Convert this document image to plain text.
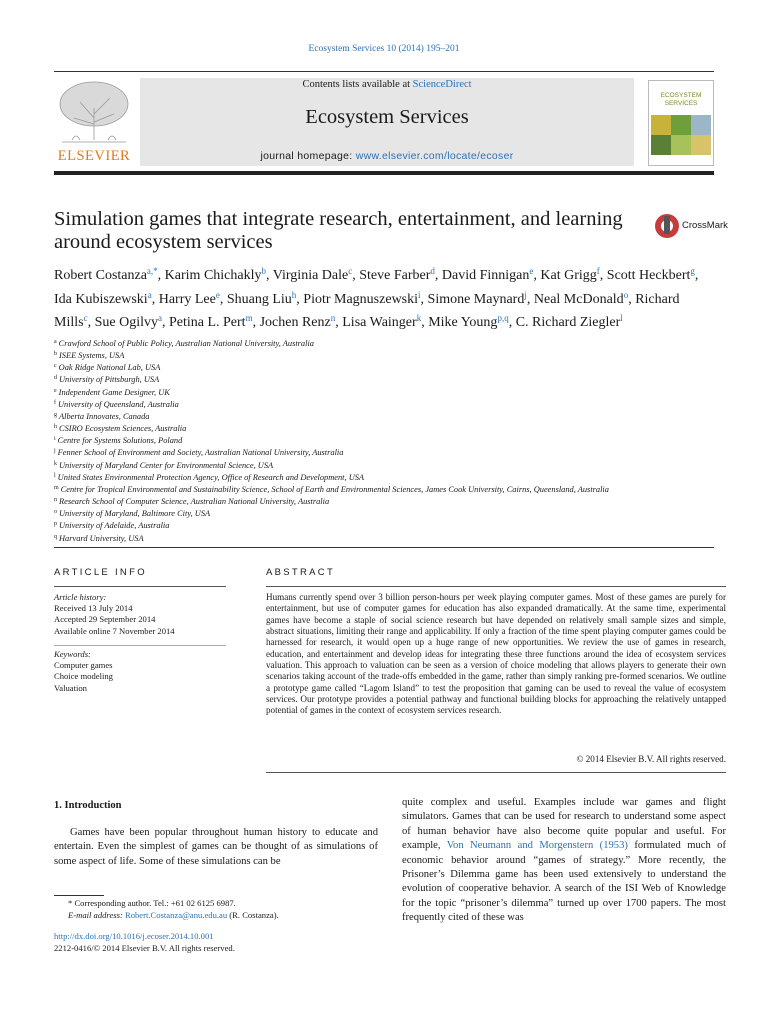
Ecosystem Services 10 (2014) 195–201
ELSEVIER
Contents lists available at ScienceDirect
Ecosystem Services
journal homepage: www.elsevier.com/locate/ecoser
ECOSYSTEM
SERVICES
Simulation games that integrate research, entertainment, and learning around ecosystem services
CrossMark
Robert Costanza$^{a,*}$, Karim Chichakly$^b$, Virginia Dale$^c$, Steve Farber$^d$, David Finnigan$^e$, Kat Grigg$^f$, Scott Heckbert$^g$, Ida Kubiszewski$^a$, Harry Lee$^e$, Shuang Liu$^h$, Piotr Magnuszewski$^i$, Simone Maynard$^j$, Neal McDonald$^o$, Richard Mills$^c$, Sue Ogilvy$^a$, Petina L. Pert$^m$, Jochen Renz$^n$, Lisa Wainger$^k$, Mike Young$^{p,q}$, C. Richard Ziegler$^l$
$^a$ Crawford School of Public Policy, Australian National University, Australia
$^b$ ISEE Systems, USA
$^c$ Oak Ridge National Lab, USA
$^d$ University of Pittsburgh, USA
$^e$ Independent Game Designer, UK
$^f$ University of Queensland, Australia
$^g$ Alberta Innovates, Canada
$^h$ CSIRO Ecosystem Sciences, Australia
$^i$ Centre for Systems Solutions, Poland
$^j$ Fenner School of Environment and Society, Australian National University, Australia
$^k$ University of Maryland Center for Environmental Science, USA
$^l$ United States Environmental Protection Agency, Office of Research and Development, USA
$^m$ Centre for Tropical Environmental and Sustainability Science, School of Earth and Environmental Sciences, James Cook University, Cairns, Queensland, Australia
$^n$ Research School of Computer Science, Australian National University, Australia
$^o$ University of Maryland, Baltimore City, USA
$^p$ University of Adelaide, Australia
$^q$ Harvard University, USA
ARTICLE INFO	ABSTRACT
Article history:
Received 13 July 2014
Accepted 29 September 2014
Available online 7 November 2014
Keywords:
Computer games
Choice modeling
Valuation

Humans currently spend over 3 billion person-hours per week playing computer games. Most of these games are purely for entertainment, but use of computer games for education has also expanded dramatically. At the same time, experimental games have become a staple of social science research but have depended on relatively small sample sizes and simple, abstract situations, limiting their range and applicability. If only a fraction of the time spent playing computer games could be harnessed for research, it would open up a huge range of new opportunities. We review the use of games in research, education, and entertainment and develop ideas for integrating these three functions around the idea of ecosystem services valuation. This approach to valuation can be seen as a version of choice modeling that allows players to generate their own scenarios taking account of the trade-offs embedded in the game, rather than simply ranking pre-formed scenarios. We outline a prototype game called “Lagom Island” to test the proposition that gaming can be used to reveal the value of ecosystem services. Our prototype provides a potential pathway and functional building blocks for approaching the relatively untapped potential of games in the context of ecosystem services research.

© 2014 Elsevier B.V. All rights reserved.
1. Introduction

Games have been popular throughout human history to educate and entertain. Even the simplest of games can be thought of as simulations of some aspect of life. Some of these simulations can be

quite complex and useful. Examples include war games and flight simulators. Games that can be used for research to understand some aspect of human behavior have also become quite popular and useful. For example, Von Neumann and Morgenstern (1953) formulated much of economic behavior around “games of strategy.” More recently, the Prisoner’s Dilemma game has been used extensively to understand the evolution of cooperative behavior. A search of the ISI Web of Knowledge for the topic “prisoner’s dilemma” turned up over 1700 papers. The most frequently cited of these was

* Corresponding author. Tel.: +61 02 6125 6987.
E-mail address: Robert.Costanza@anu.edu.au (R. Costanza).
http://dx.doi.org/10.1016/j.ecoser.2014.10.001
2212-0416/© 2014 Elsevier B.V. All rights reserved.
